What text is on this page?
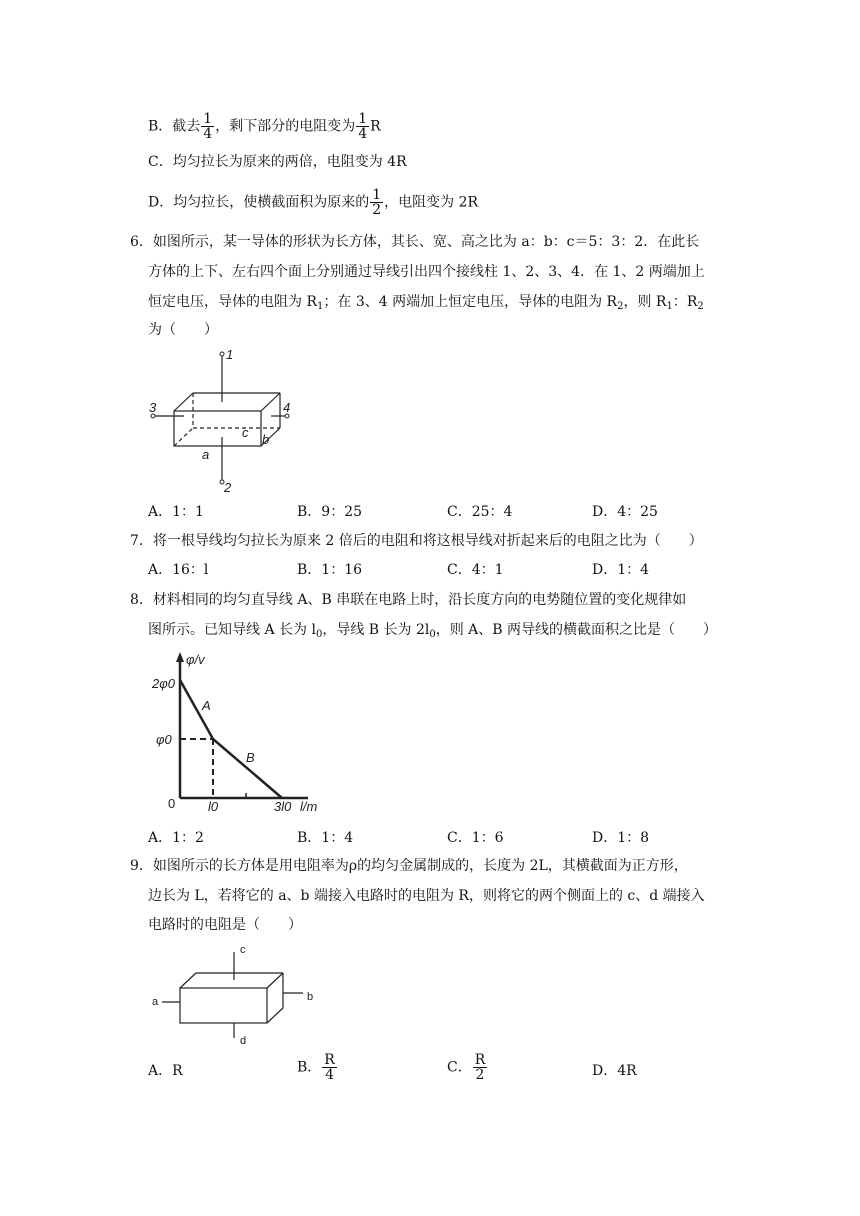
B．截去 $\frac{1}{4}$ ，剩下部分的电阻变为 $\frac{1}{4}$ R
C．均匀拉长为原来的两倍，电阻变为 4R
D．均匀拉长，使横截面积为原来的 $\frac{1}{2}$ ，电阻变为 2R
6．如图所示，某一导体的形状为长方体，其长、宽、高之比为 a：b：c＝5：3：2．在此长
方体的上下、左右四个面上分别通过导线引出四个接线柱 1、2、3、4．在 1、2 两端加上
恒定电压，导体的电阻为 $R_1$；在 3、4 两端加上恒定电压，导体的电阻为 $R_2$，则 $R_1$：$R_2$
为（　　）
1
2
3	4
a
b
c
A．1：1	B．9：25	C．25：4	D．4：25
7．将一根导线均匀拉长为原来 2 倍后的电阻和将这根导线对折起来后的电阻之比为（　　）
A．16：l	B．1：16	C．4：1	D．1：4
8．材料相同的均匀直导线 A、B 串联在电路上时，沿长度方向的电势随位置的变化规律如
图所示。已知导线 A 长为 $l_0$，导线 B 长为 $2l_0$，则 A、B 两导线的横截面积之比是（　　）
φ/v
2φ0
φ0
0	l0	3l0 l/m
A
B
A．1：2	B．1：4	C．1：6	D．1：8
9．如图所示的长方体是用电阻率为ρ的均匀金属制成的，长度为 2L，其横截面为正方形，
边长为 L，若将它的 a、b 端接入电路时的电阻为 R，则将它的两个侧面上的 c、d 端接入
电路时的电阻是（　　）
c
d
a	b
A．R	B． $\frac{R}{4}$	C． $\frac{R}{2}$	D．4R
